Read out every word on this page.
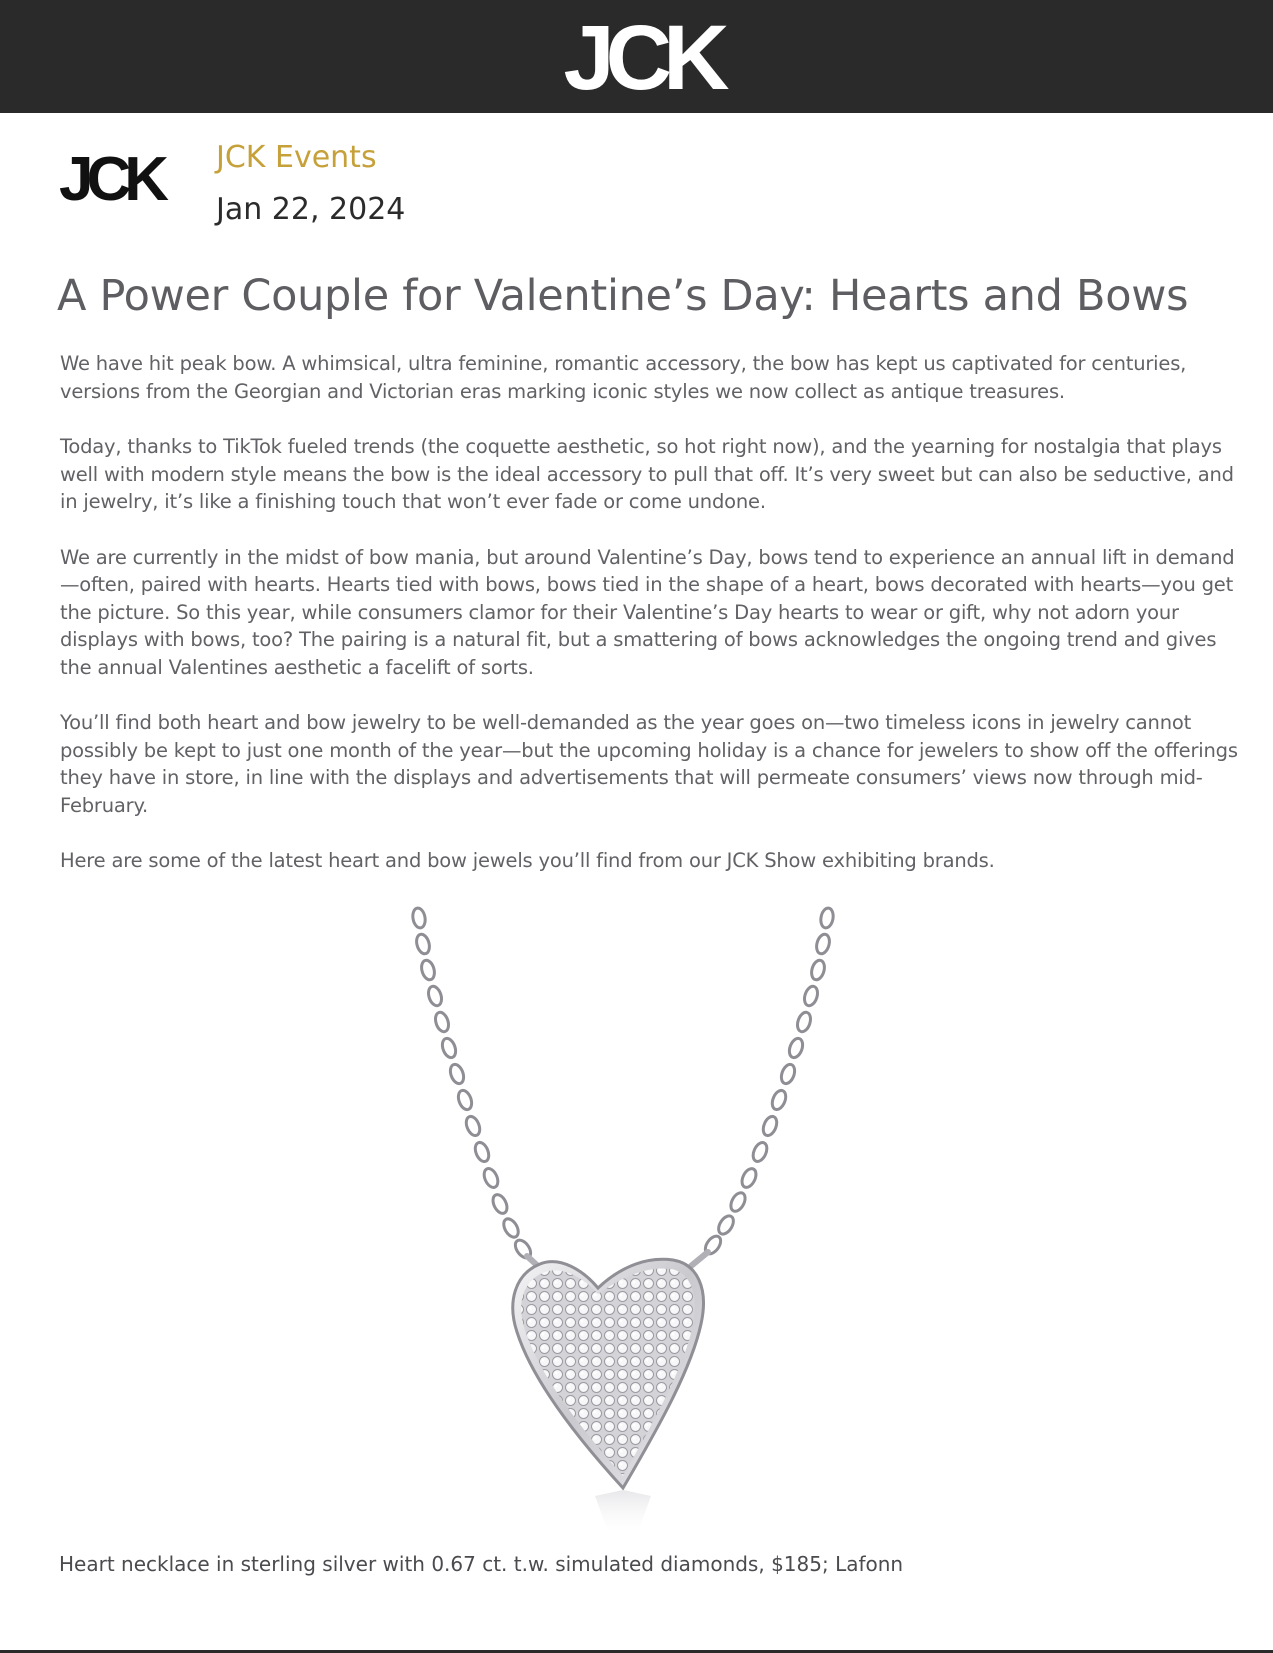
JCK
JCK JCK Events
Jan 22, 2024
A Power Couple for Valentine’s Day: Hearts and Bows

We have hit peak bow. A whimsical, ultra feminine, romantic accessory, the bow has kept us captivated for centuries, versions from the Georgian and Victorian eras marking iconic styles we now collect as antique treasures.

Today, thanks to TikTok fueled trends (the coquette aesthetic, so hot right now), and the yearning for nostalgia that plays well with modern style means the bow is the ideal accessory to pull that off. It’s very sweet but can also be seductive, and in jewelry, it’s like a finishing touch that won’t ever fade or come undone.

We are currently in the midst of bow mania, but around Valentine’s Day, bows tend to experience an annual lift in demand—often, paired with hearts. Hearts tied with bows, bows tied in the shape of a heart, bows decorated with hearts—you get the picture. So this year, while consumers clamor for their Valentine’s Day hearts to wear or gift, why not adorn your displays with bows, too? The pairing is a natural fit, but a smattering of bows acknowledges the ongoing trend and gives the annual Valentines aesthetic a facelift of sorts.

You’ll find both heart and bow jewelry to be well-demanded as the year goes on—two timeless icons in jewelry cannot possibly be kept to just one month of the year—but the upcoming holiday is a chance for jewelers to show off the offerings they have in store, in line with the displays and advertisements that will permeate consumers’ views now through mid-February.

Here are some of the latest heart and bow jewels you’ll find from our JCK Show exhibiting brands.

Heart necklace in sterling silver with 0.67 ct. t.w. simulated diamonds, $185; Lafonn
